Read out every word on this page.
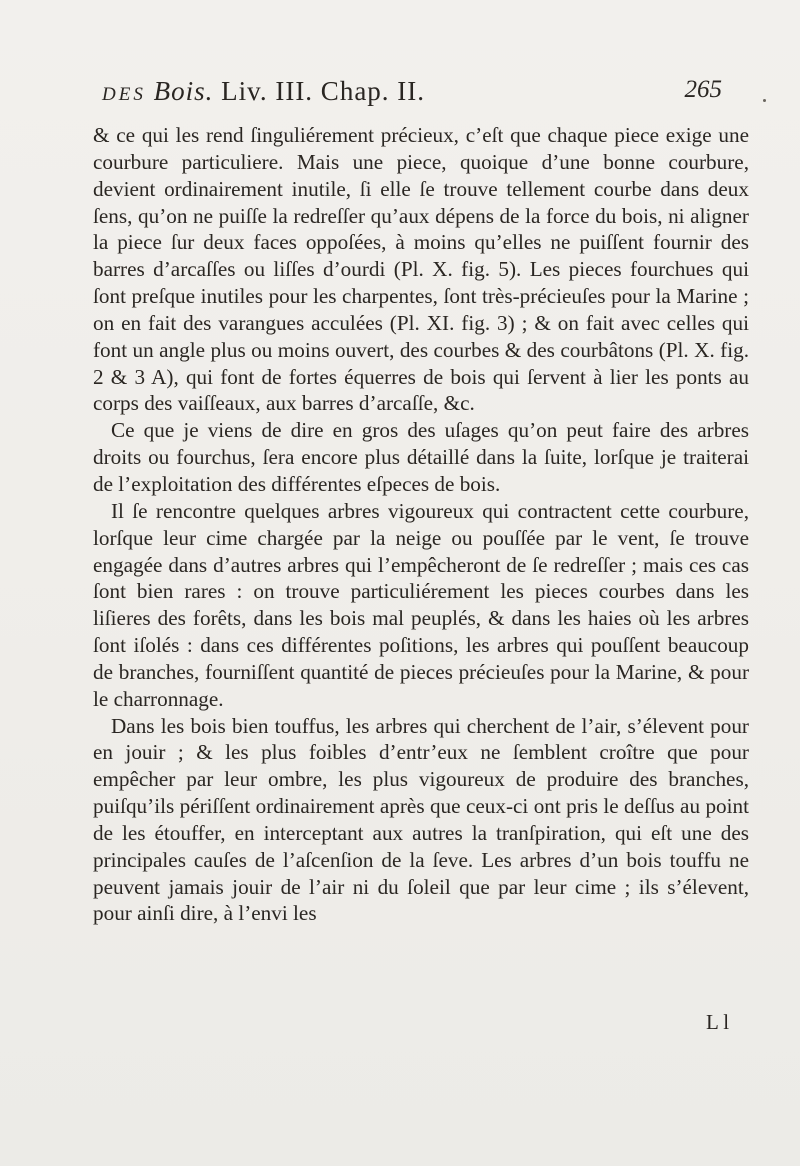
DES Bois. Liv. III. Chap. II.	265

& ce qui les rend ſinguliérement précieux, c’eſt que chaque piece exige une courbure particuliere. Mais une piece, quoique d’une bonne courbure, devient ordinairement inutile, ſi elle ſe trouve tellement courbe dans deux ſens, qu’on ne puiſſe la redreſſer qu’aux dépens de la force du bois, ni aligner la piece ſur deux faces oppoſées, à moins qu’elles ne puiſſent fournir des barres d’arcaſſes ou liſſes d’ourdi (Pl. X. fig. 5). Les pieces fourchues qui ſont preſque inutiles pour les charpentes, ſont très-précieuſes pour la Marine ; on en fait des varangues acculées (Pl. XI. fig. 3) ; & on fait avec celles qui font un angle plus ou moins ouvert, des courbes & des courbâtons (Pl. X. fig. 2 & 3 A), qui font de fortes équerres de bois qui ſervent à lier les ponts au corps des vaiſſeaux, aux barres d’arcaſſe, &c.

Ce que je viens de dire en gros des uſages qu’on peut faire des arbres droits ou fourchus, ſera encore plus détaillé dans la ſuite, lorſque je traiterai de l’exploitation des différentes eſpeces de bois.

Il ſe rencontre quelques arbres vigoureux qui contractent cette courbure, lorſque leur cime chargée par la neige ou pouſſée par le vent, ſe trouve engagée dans d’autres arbres qui l’empêcheront de ſe redreſſer ; mais ces cas ſont bien rares : on trouve particuliérement les pieces courbes dans les liſieres des forêts, dans les bois mal peuplés, & dans les haies où les arbres ſont iſolés : dans ces différentes poſitions, les arbres qui pouſſent beaucoup de branches, fourniſſent quantité de pieces précieuſes pour la Marine, & pour le charronnage.

Dans les bois bien touffus, les arbres qui cherchent de l’air, s’élevent pour en jouir ; & les plus foibles d’entr’eux ne ſemblent croître que pour empêcher par leur ombre, les plus vigoureux de produire des branches, puiſqu’ils périſſent ordinairement après que ceux-ci ont pris le deſſus au point de les étouffer, en interceptant aux autres la tranſpiration, qui eſt une des principales cauſes de l’aſcenſion de la ſeve. Les arbres d’un bois touffu ne peuvent jamais jouir de l’air ni du ſoleil que par leur cime ; ils s’élevent, pour ainſi dire, à l’envi les

L l
